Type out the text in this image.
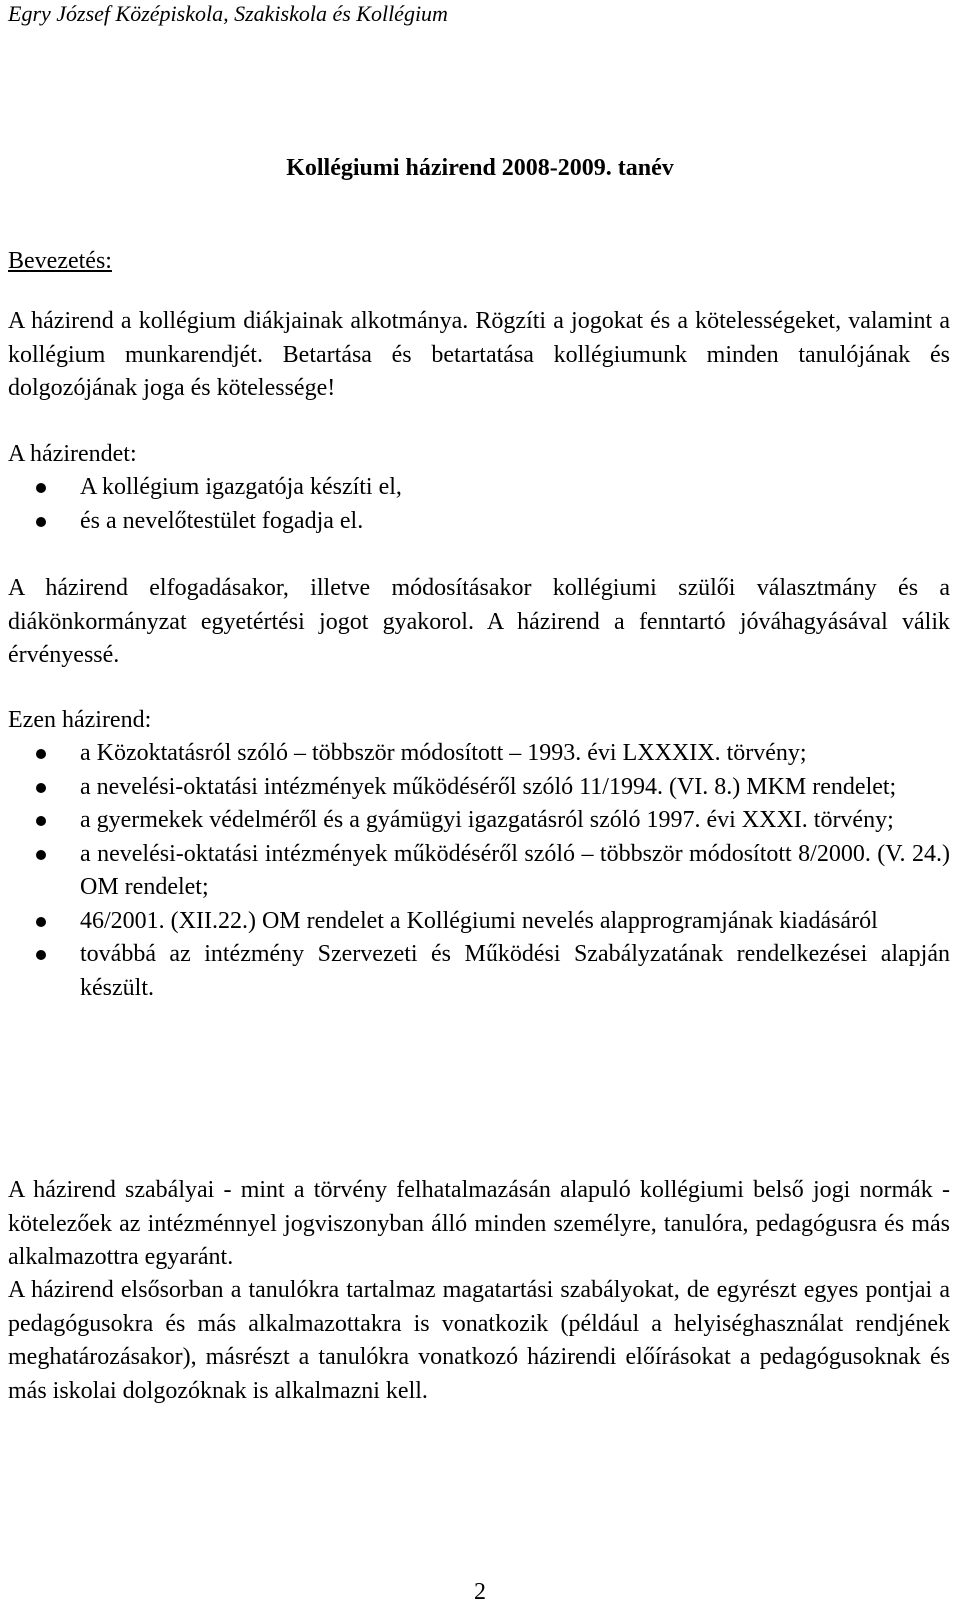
Egry József Középiskola, Szakiskola és Kollégium
Kollégiumi házirend 2008-2009. tanév
Bevezetés:

A házirend a kollégium diákjainak alkotmánya. Rögzíti a jogokat és a kötelességeket, valamint a kollégium munkarendjét. Betartása és betartatása kollégiumunk minden tanulójának és dolgozójának joga és kötelessége!

A házirendet:

A kollégium igazgatója készíti el,
és a nevelőtestület fogadja el.

A házirend elfogadásakor, illetve módosításakor kollégiumi szülői választmány és a diákönkormányzat egyetértési jogot gyakorol. A házirend a fenntartó jóváhagyásával válik érvényessé.

Ezen házirend:

a Közoktatásról szóló – többször módosított – 1993. évi LXXXIX. törvény;
a nevelési-oktatási intézmények működéséről szóló 11/1994. (VI. 8.) MKM rendelet;
a gyermekek védelméről és a gyámügyi igazgatásról szóló 1997. évi XXXI. törvény;
a nevelési-oktatási intézmények működéséről szóló – többször módosított 8/2000. (V. 24.) OM rendelet;
46/2001. (XII.22.) OM rendelet a Kollégiumi nevelés alapprogramjának kiadásáról
továbbá az intézmény Szervezeti és Működési Szabályzatának rendelkezései alapján készült.

A házirend szabályai - mint a törvény felhatalmazásán alapuló kollégiumi belső jogi normák - kötelezőek az intézménnyel jogviszonyban álló minden személyre, tanulóra, pedagógusra és más alkalmazottra egyaránt.

A házirend elsősorban a tanulókra tartalmaz magatartási szabályokat, de egyrészt egyes pontjai a pedagógusokra és más alkalmazottakra is vonatkozik (például a helyiséghasználat rendjének meghatározásakor), másrészt a tanulókra vonatkozó házirendi előírásokat a pedagógusoknak és más iskolai dolgozóknak is alkalmazni kell.

2
